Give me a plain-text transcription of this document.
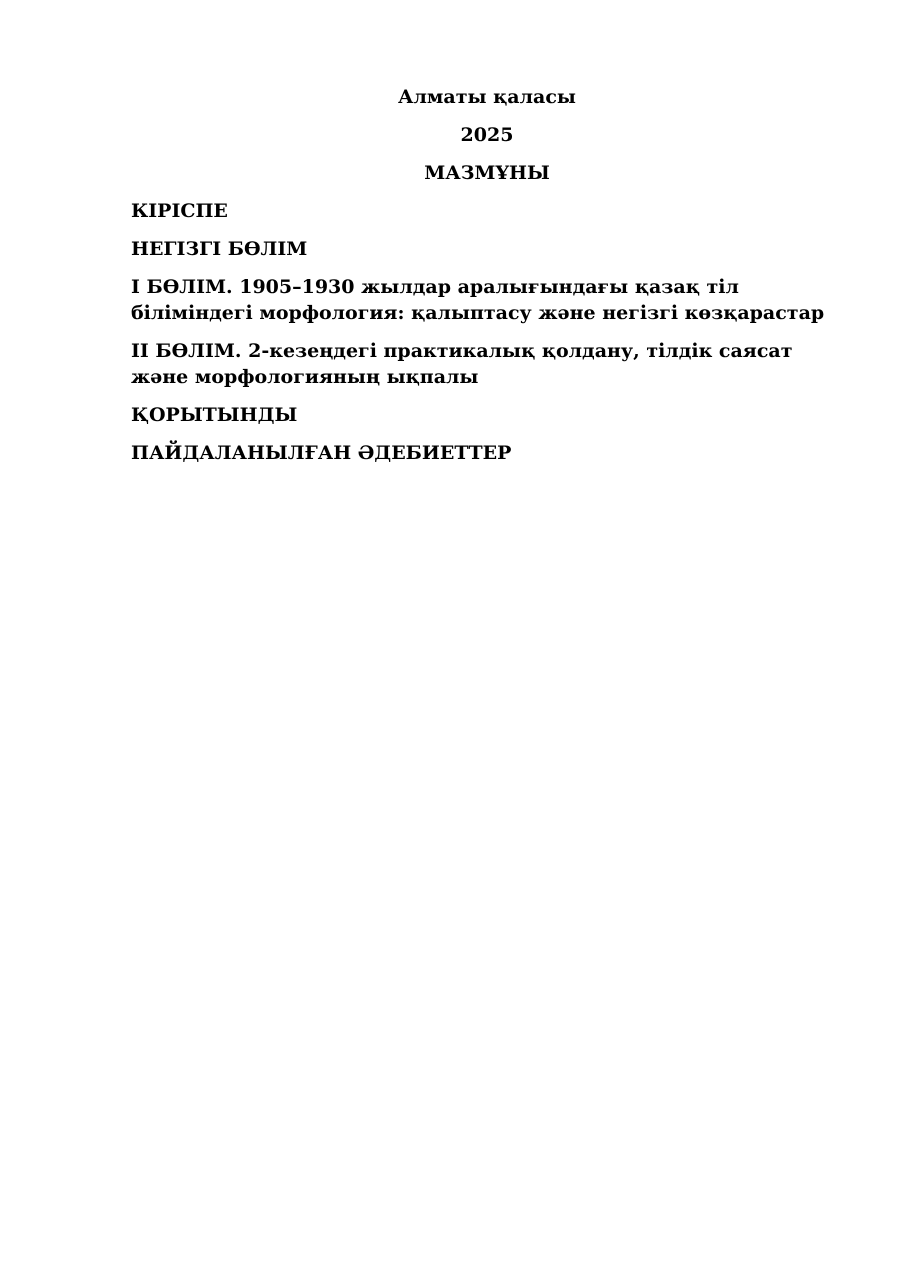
Алматы қаласы

2025

МАЗМҰНЫ

КІРІСПЕ

НЕГІЗГІ БӨЛІМ

І БӨЛІМ. 1905–1930 жылдар аралығындағы қазақ тіл біліміндегі морфология: қалыптасу және негізгі көзқарастар

ІІ БӨЛІМ. 2-кезеңдегі практикалық қолдану, тілдік саясат және морфологияның ықпалы

ҚОРЫТЫНДЫ

ПАЙДАЛАНЫЛҒАН ӘДЕБИЕТТЕР
